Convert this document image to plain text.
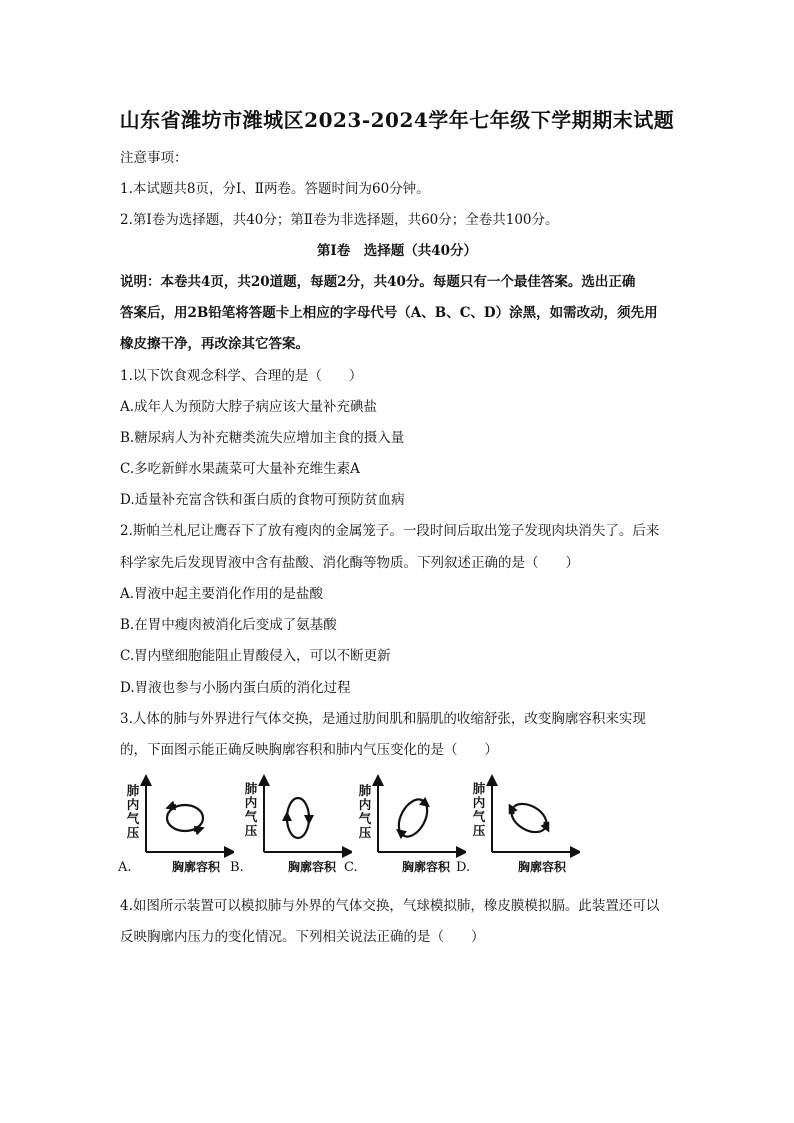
山东省潍坊市潍城区2023-2024学年七年级下学期期末试题
注意事项：
1.本试题共8页，分Ⅰ、Ⅱ两卷。答题时间为60分钟。
2.第Ⅰ卷为选择题，共40分；第Ⅱ卷为非选择题，共60分；全卷共100分。
第Ⅰ卷　选择题（共40分）
说明：本卷共4页，共20道题，每题2分，共40分。每题只有一个最佳答案。选出正确
答案后，用2B铅笔将答题卡上相应的字母代号（A、B、C、D）涂黑，如需改动，须先用
橡皮擦干净，再改涂其它答案。
1.以下饮食观念科学、合理的是（　　）
A.成年人为预防大脖子病应该大量补充碘盐
B.糖尿病人为补充糖类流失应增加主食的摄入量
C.多吃新鲜水果蔬菜可大量补充维生素A
D.适量补充富含铁和蛋白质的食物可预防贫血病
2.斯帕兰札尼让鹰吞下了放有瘦肉的金属笼子。一段时间后取出笼子发现肉块消失了。后来
科学家先后发现胃液中含有盐酸、消化酶等物质。下列叙述正确的是（　　）
A.胃液中起主要消化作用的是盐酸
B.在胃中瘦肉被消化后变成了氨基酸
C.胃内壁细胞能阻止胃酸侵入，可以不断更新
D.胃液也参与小肠内蛋白质的消化过程
3.人体的肺与外界进行气体交换，是通过肋间肌和膈肌的收缩舒张，改变胸廓容积来实现
的，下面图示能正确反映胸廓容积和肺内气压变化的是（　　）
肺
内
气
压
A.	胸廓容积
肺
内
气
压
B.	胸廓容积
肺
内
气
压
C.	胸廓容积
肺
内
气
压
D.	胸廓容积
4.如图所示装置可以模拟肺与外界的气体交换，气球模拟肺，橡皮膜模拟膈。此装置还可以
反映胸廓内压力的变化情况。下列相关说法正确的是（　　）
